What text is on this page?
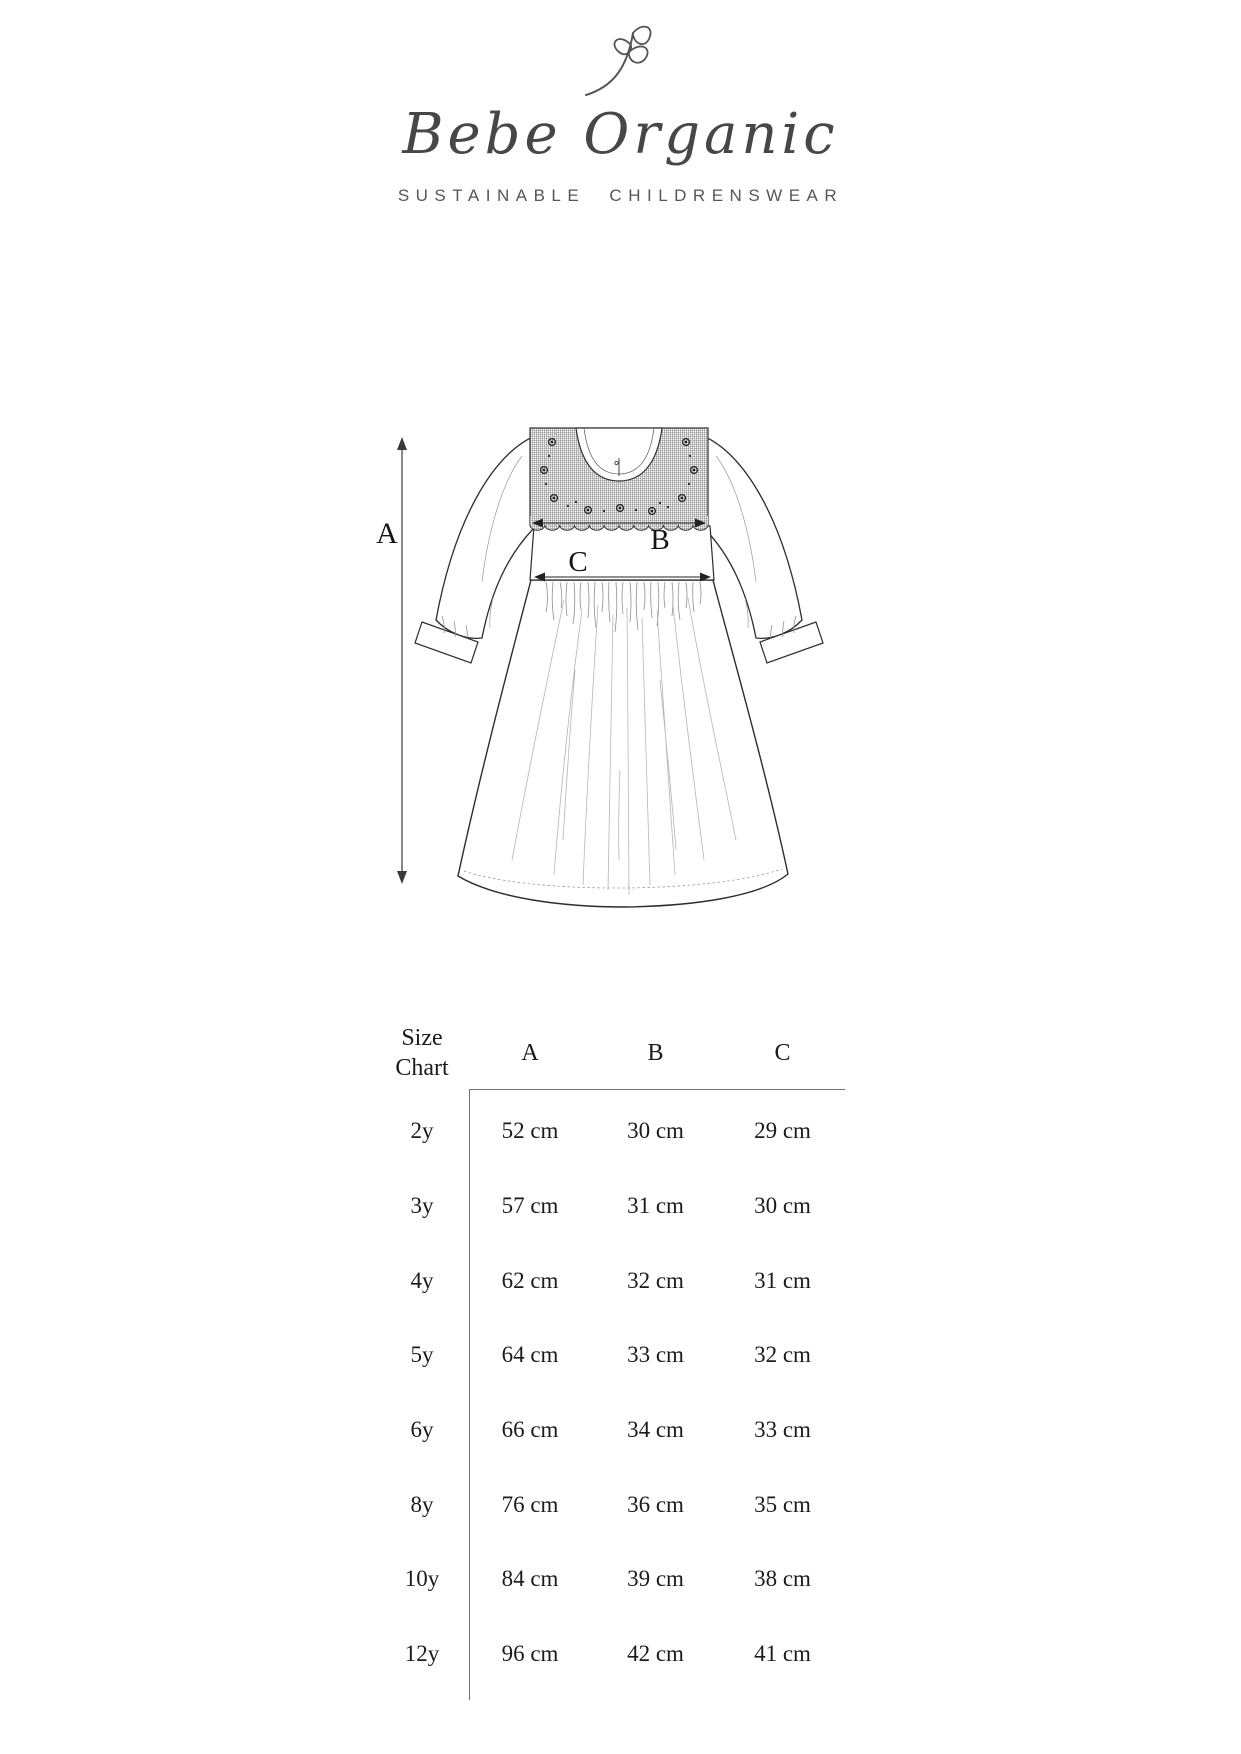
Bebe Organic
SUSTAINABLE CHILDRENSWEAR
A	B
C
Size
Chart
A	B	C
2y	52 cm	30 cm	29 cm
3y	57 cm	31 cm	30 cm
4y	62 cm	32 cm	31 cm
5y	64 cm	33 cm	32 cm
6y	66 cm	34 cm	33 cm
8y	76 cm	36 cm	35 cm
10y	84 cm	39 cm	38 cm
12y	96 cm	42 cm	41 cm
